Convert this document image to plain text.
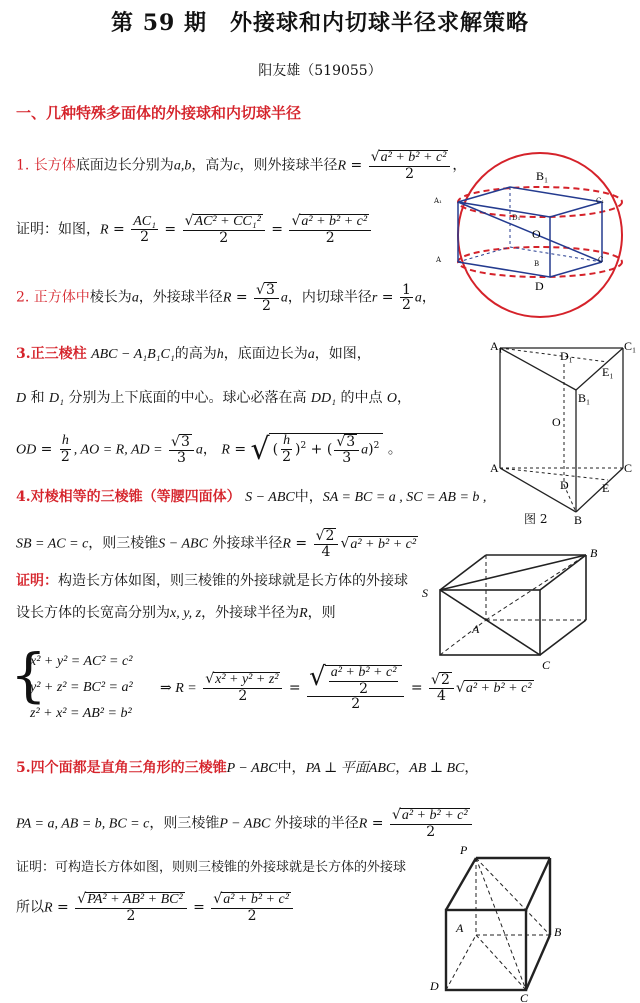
第 59 期　外接球和内切球半径求解策略
阳友雄（519055）
一、几种特殊多面体的外接球和内切球半径
1. 长方体底面边长分别为a,b，高为c，则外接球半径$R = \frac{\text{√a² + b² + c²}}{2}$ ，
证明：如图，$R = \frac{\text{AC₁}}{2} = \frac{\text{√AC² + CC₁²}}{2} = \frac{\text{√a² + b² + c²}}{2}$
2. 正方体中棱长为a，外接球半径$R = \frac{√3}{2}$ a，内切球半径$r = \frac{1}{2}$ a，
3.正三棱柱 ABC − A₁B₁C₁的高为h，底面边长为a，如图，
D 和 D₁ 分别为上下底面的中心。球心必落在高 DD₁ 的中点 O，
OD = $\frac{h}{2}$ , AO = R, AD = $\frac{√3}{3}$ a， R = √( $\frac{h}{2} )^2$ + ( $\frac{√3}{3} a)^2$ 。
4.对棱相等的三棱锥（等腰四面体） S − ABC中，SA = BC = a , SC = AB = b ,
SB = AC = c，则三棱锥S − ABC 外接球半径$R = \frac{√2}{4} √a^2 + b^2 + c^2$
证明：构造长方体如图，则三棱锥的外接球就是长方体的外接球
设长方体的长宽高分别为x, y, z，外接球半径为R，则
{
x² + y² = AC² = c²
y² + z² = BC² = a²
z² + x² = AB² = b²
⇒ $R = \frac{\text{√x² + y² + z²}}{2} = \frac{√ \frac{\text{a² + b² + c²}}{2}}{2} = \frac{√2}{4} √a^2 + b^2 + c^2$
5.四个面都是直角三角形的三棱锥P − ABC中，PA ⊥ 平面ABC，AB ⊥ BC，
PA = a, AB = b, BC = c，则三棱锥P − ABC 外接球的半径$R = \frac{\text{√a² + b² + c²}}{2}$
证明：可构造长方体如图，则则三棱锥的外接球就是长方体的外接球
所以$R = \frac{\text{√PA² + AB² + BC²}}{2} = \frac{\text{√a² + b² + c²}}{2}$
B₁
D
O
A₁
D₁
C₁
E₁
B₁
O
A	C
D	E
B
图 2
S
B
A
C
P
A	B
D
C
A₁	C₁
D₁
A	B	C
